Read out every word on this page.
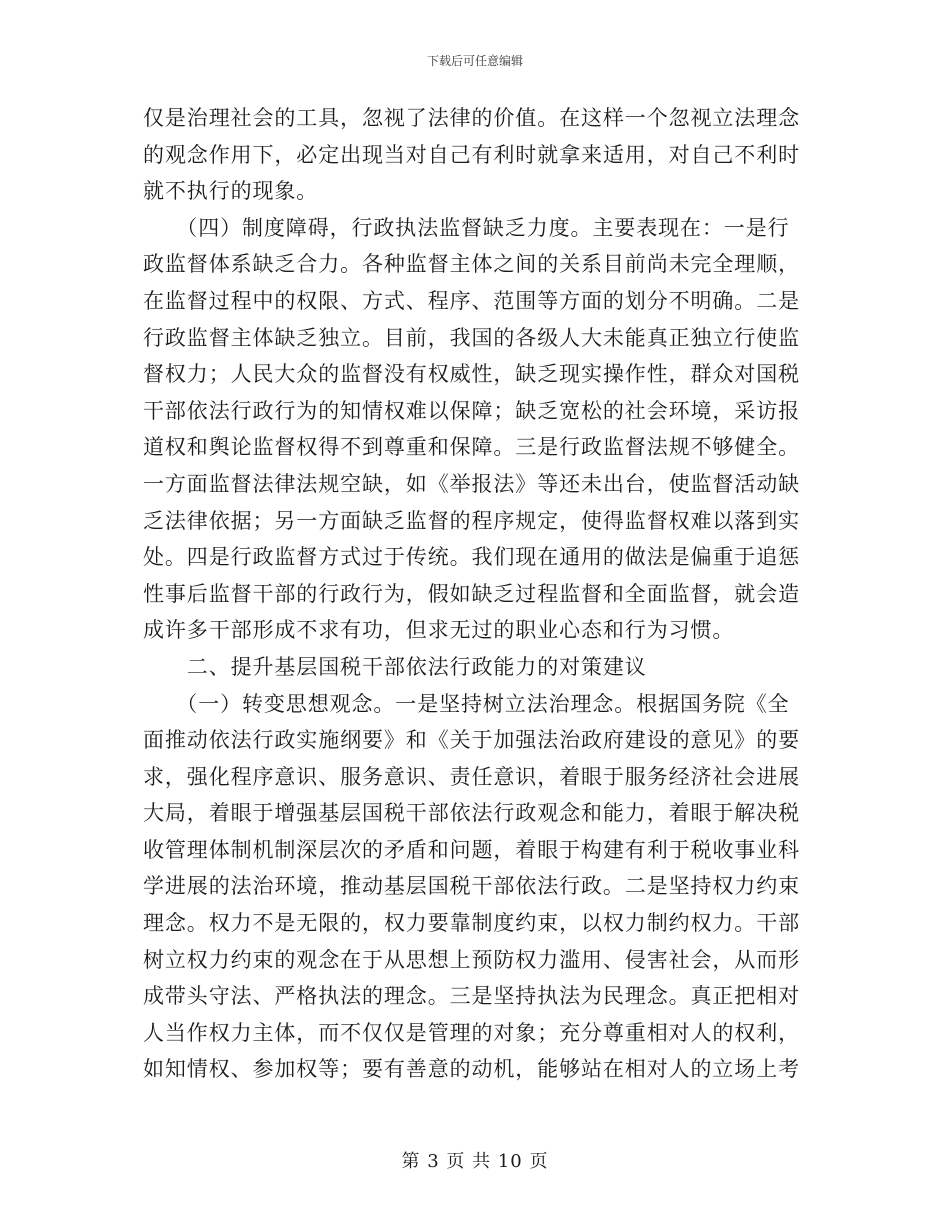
下载后可任意编辑
仅是治理社会的工具，忽视了法律的价值。在这样一个忽视立法理念
的观念作用下，必定出现当对自己有利时就拿来适用，对自己不利时
就不执行的现象。
　　（四）制度障碍，行政执法监督缺乏力度。主要表现在：一是行
政监督体系缺乏合力。各种监督主体之间的关系目前尚未完全理顺，
在监督过程中的权限、方式、程序、范围等方面的划分不明确。二是
行政监督主体缺乏独立。目前，我国的各级人大未能真正独立行使监
督权力；人民大众的监督没有权威性，缺乏现实操作性，群众对国税
干部依法行政行为的知情权难以保障；缺乏宽松的社会环境，采访报
道权和舆论监督权得不到尊重和保障。三是行政监督法规不够健全。
一方面监督法律法规空缺，如《举报法》等还未出台，使监督活动缺
乏法律依据；另一方面缺乏监督的程序规定，使得监督权难以落到实
处。四是行政监督方式过于传统。我们现在通用的做法是偏重于追惩
性事后监督干部的行政行为，假如缺乏过程监督和全面监督，就会造
成许多干部形成不求有功，但求无过的职业心态和行为习惯。
　　二、提升基层国税干部依法行政能力的对策建议
　　（一）转变思想观念。一是坚持树立法治理念。根据国务院《全
面推动依法行政实施纲要》和《关于加强法治政府建设的意见》的要
求，强化程序意识、服务意识、责任意识，着眼于服务经济社会进展
大局，着眼于增强基层国税干部依法行政观念和能力，着眼于解决税
收管理体制机制深层次的矛盾和问题，着眼于构建有利于税收事业科
学进展的法治环境，推动基层国税干部依法行政。二是坚持权力约束
理念。权力不是无限的，权力要靠制度约束，以权力制约权力。干部
树立权力约束的观念在于从思想上预防权力滥用、侵害社会，从而形
成带头守法、严格执法的理念。三是坚持执法为民理念。真正把相对
人当作权力主体，而不仅仅是管理的对象；充分尊重相对人的权利，
如知情权、参加权等；要有善意的动机，能够站在相对人的立场上考
第 3 页 共 10 页
